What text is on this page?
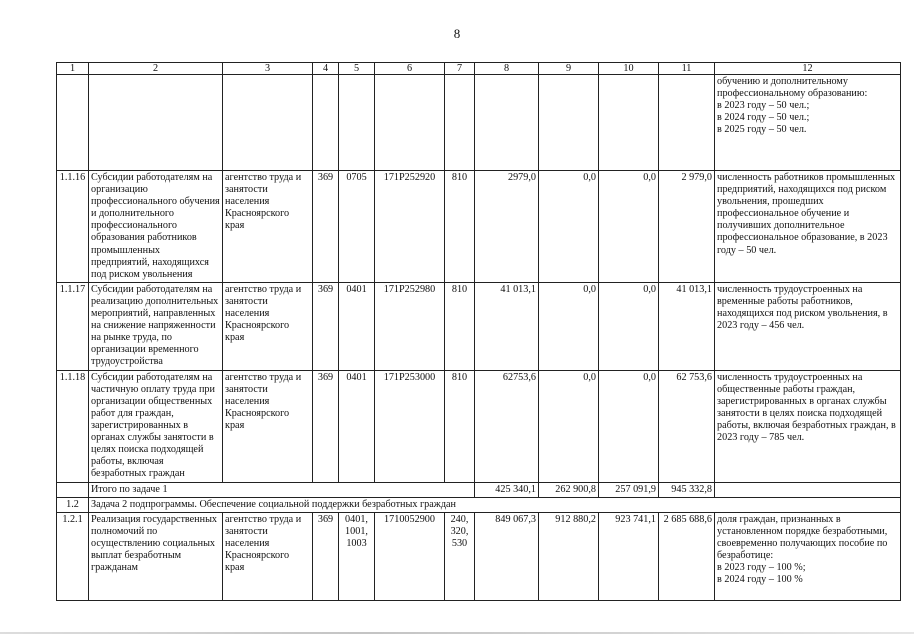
8
1	2	3	4	5	6	7	8	9	10	11	12
											обучению и дополнительному профессиональному образованию:
в 2023 году – 50 чел.;
в 2024 году – 50 чел.;
в 2025 году – 50 чел.
1.1.16	Субсидии работодателям на организацию профессионального обучения и дополнительного профессионального образования работников промышленных предприятий, находящихся под риском увольнения	агентство труда и занятости населения Красноярского края	369	0705	171P252920	810	2979,0	0,0	0,0	2 979,0	численность работников промышленных предприятий, находящихся под риском увольнения, прошедших профессиональное обучение и получивших дополнительное профессиональное образование, в 2023 году – 50 чел.
1.1.17	Субсидии работодателям на реализацию дополнительных мероприятий, направленных на снижение напряженности на рынке труда, по организации временного трудоустройства	агентство труда и занятости населения Красноярского края	369	0401	171P252980	810	41 013,1	0,0	0,0	41 013,1	численность трудоустроенных на временные работы работников, находящихся под риском увольнения, в 2023 году – 456 чел.
1.1.18	Субсидии работодателям на частичную оплату труда при организации общественных работ для граждан, зарегистрированных в органах службы занятости в целях поиска подходящей работы, включая безработных граждан	агентство труда и занятости населения Красноярского края	369	0401	171P253000	810	62753,6	0,0	0,0	62 753,6	численность трудоустроенных на общественные работы граждан, зарегистрированных в органах службы занятости в целях поиска подходящей работы, включая безработных граждан, в 2023 году – 785 чел.
	Итого по задаче 1						425 340,1	262 900,8	257 091,9	945 332,8	
1.2	Задача 2 подпрограммы. Обеспечение социальной поддержки безработных граждан										
1.2.1	Реализация государственных полномочий по осуществлению социальных выплат безработным гражданам	агентство труда и занятости населения Красноярского края	369	0401,
1001,
1003	1710052900	240,
320,
530	849 067,3	912 880,2	923 741,1	2 685 688,6	доля граждан, признанных в установленном порядке безработными, своевременно получающих пособие по безработице:
в 2023 году – 100 %;
в 2024 году – 100 %
